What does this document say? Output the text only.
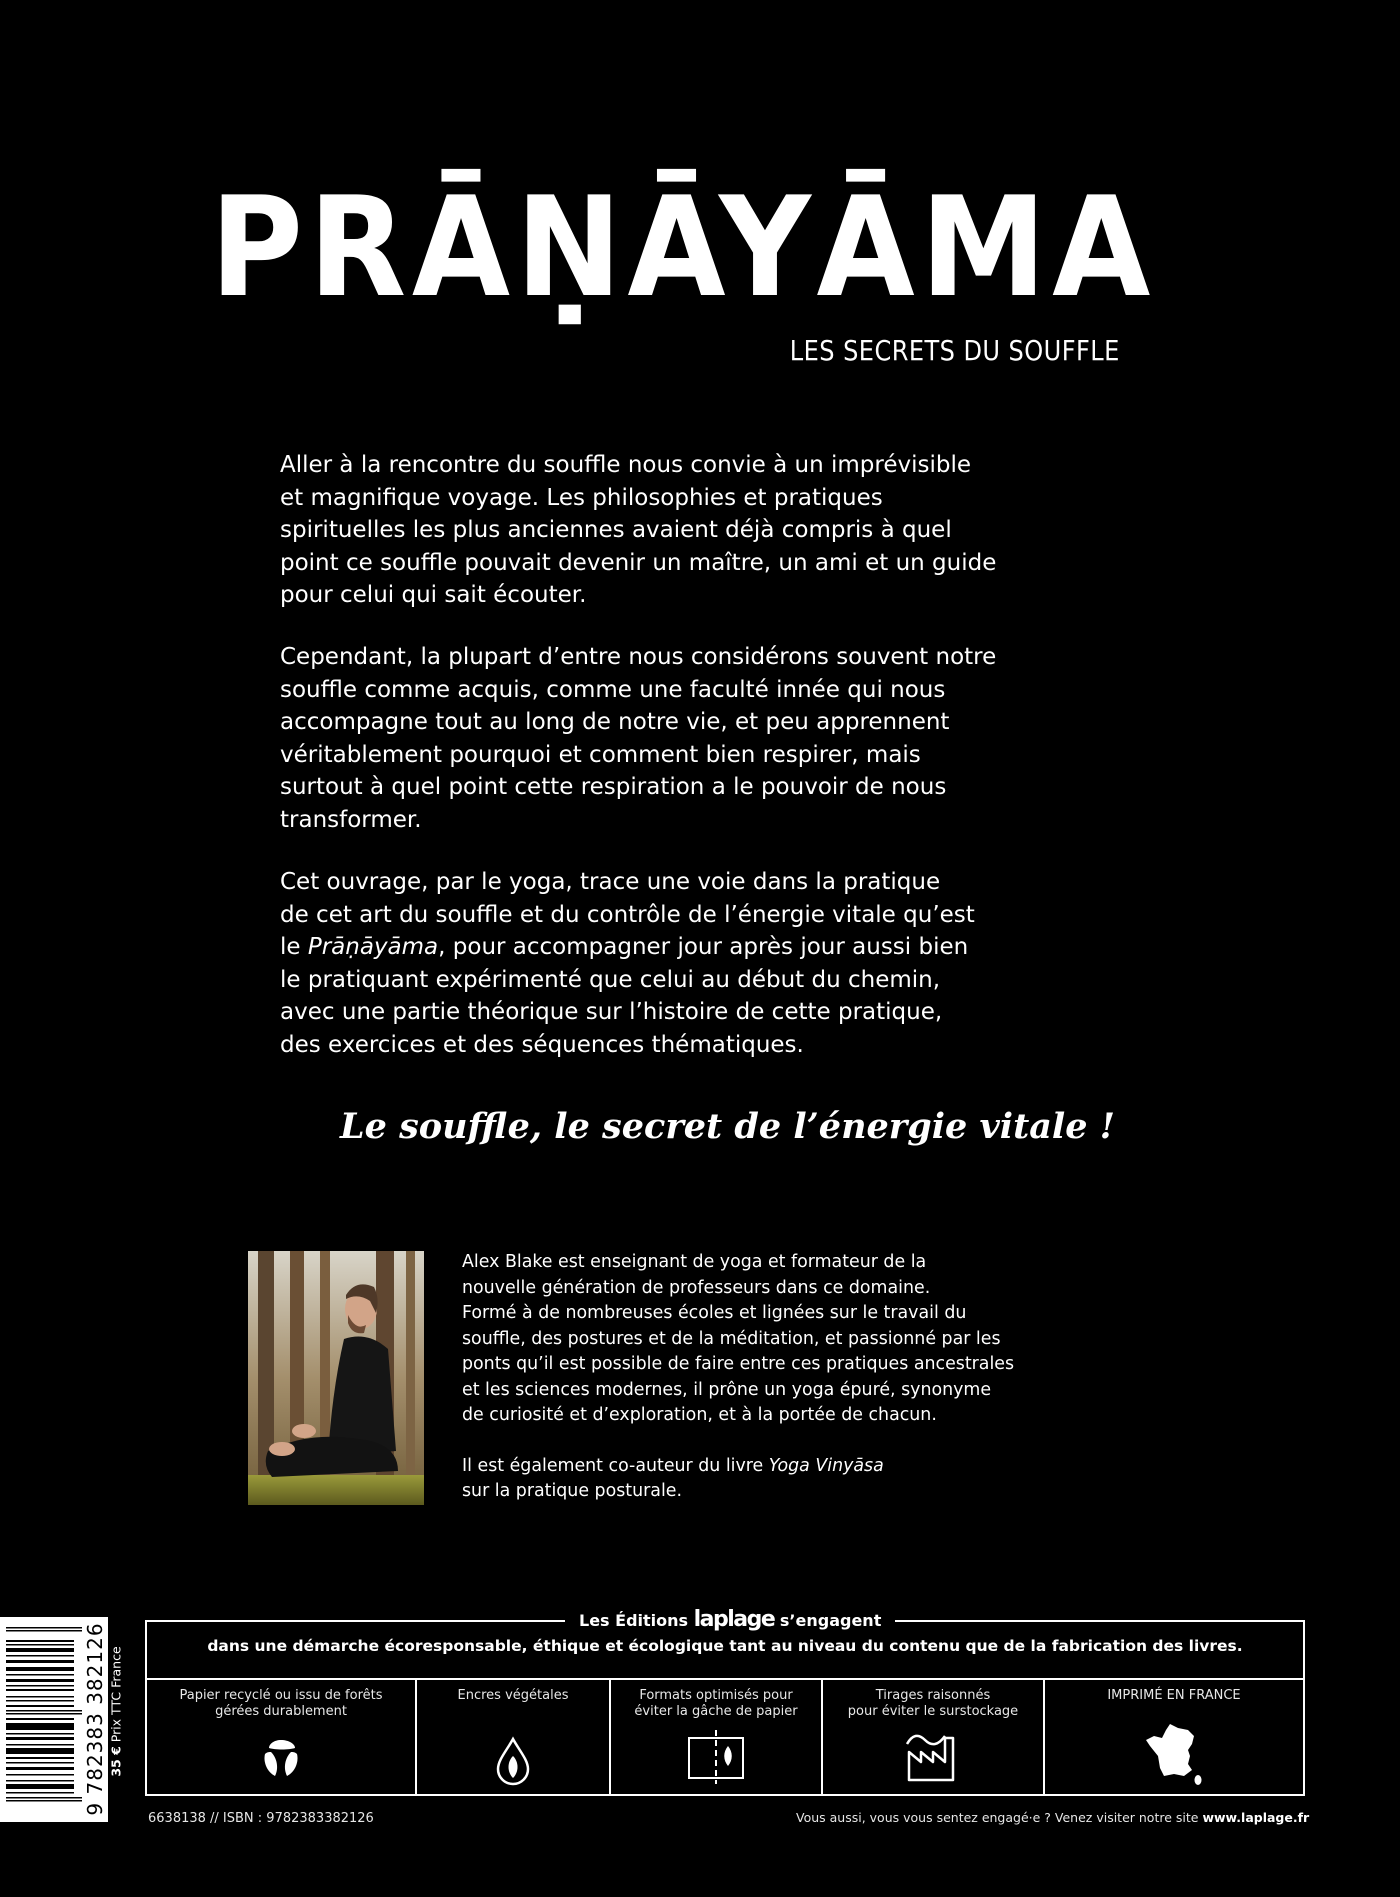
PRĀṆĀYĀMA
LES SECRETS DU SOUFFLE

Aller à la rencontre du souffle nous convie à un imprévisible

et magnifique voyage. Les philosophies et pratiques

spirituelles les plus anciennes avaient déjà compris à quel

point ce souffle pouvait devenir un maître, un ami et un guide

pour celui qui sait écouter.

Cependant, la plupart d’entre nous considérons souvent notre

souffle comme acquis, comme une faculté innée qui nous

accompagne tout au long de notre vie, et peu apprennent

véritablement pourquoi et comment bien respirer, mais

surtout à quel point cette respiration a le pouvoir de nous

transformer.

Cet ouvrage, par le yoga, trace une voie dans la pratique

de cet art du souffle et du contrôle de l’énergie vitale qu’est

le Prāṇāyāma, pour accompagner jour après jour aussi bien

le pratiquant expérimenté que celui au début du chemin,

avec une partie théorique sur l’histoire de cette pratique,

des exercices et des séquences thématiques.

Le souffle, le secret de l’énergie vitale !

Alex Blake est enseignant de yoga et formateur de la
nouvelle génération de professeurs dans ce domaine.
Formé à de nombreuses écoles et lignées sur le travail du
souffle, des postures et de la méditation, et passionné par les
ponts qu’il est possible de faire entre ces pratiques ancestrales
et les sciences modernes, il prône un yoga épuré, synonyme
de curiosité et d’exploration, et à la portée de chacun.

Il est également co-auteur du livre Yoga Vinyāsa
sur la pratique posturale.

Les Éditions laplage s’engagent
dans une démarche écoresponsable, éthique et écologique tant au niveau du contenu que de la fabrication des livres.
Papier recyclé ou issu de forêts
gérées durablement
Encres végétales	Formats optimisés pour
éviter la gâche de papier
Tirages raisonnés
pour éviter le surstockage
IMPRIMÉ EN FRANCE
9 782383 382126 35 € Prix TTC France
6638138 // ISBN : 9782383382126	Vous aussi, vous vous sentez engagé·e ? Venez visiter notre site www.laplage.fr
